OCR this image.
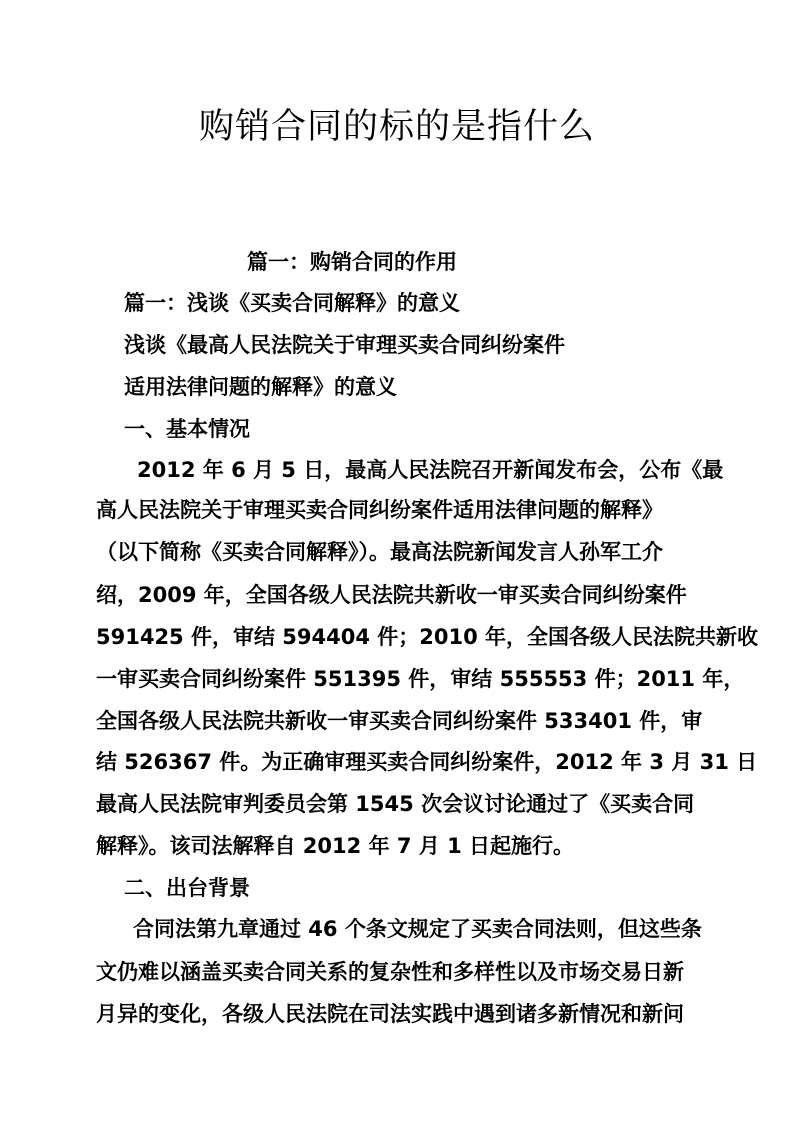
购销合同的标的是指什么
篇一：购销合同的作用
篇一：浅谈《买卖合同解释》的意义
浅谈《最高人民法院关于审理买卖合同纠纷案件
适用法律问题的解释》的意义
一、基本情况
2012 年 6 月 5 日，最高人民法院召开新闻发布会，公布《最
高人民法院关于审理买卖合同纠纷案件适用法律问题的解释》
（以下简称《买卖合同解释》）。最高法院新闻发言人孙军工介
绍，2009 年，全国各级人民法院共新收一审买卖合同纠纷案件
591425 件，审结 594404 件；2010 年，全国各级人民法院共新收
一审买卖合同纠纷案件 551395 件，审结 555553 件；2011 年，
全国各级人民法院共新收一审买卖合同纠纷案件 533401 件，审
结 526367 件。为正确审理买卖合同纠纷案件，2012 年 3 月 31 日
最高人民法院审判委员会第 1545 次会议讨论通过了《买卖合同
解释》。该司法解释自 2012 年 7 月 1 日起施行。
二、出台背景
合同法第九章通过 46 个条文规定了买卖合同法则，但这些条
文仍难以涵盖买卖合同关系的复杂性和多样性以及市场交易日新
月异的变化，各级人民法院在司法实践中遇到诸多新情况和新问
